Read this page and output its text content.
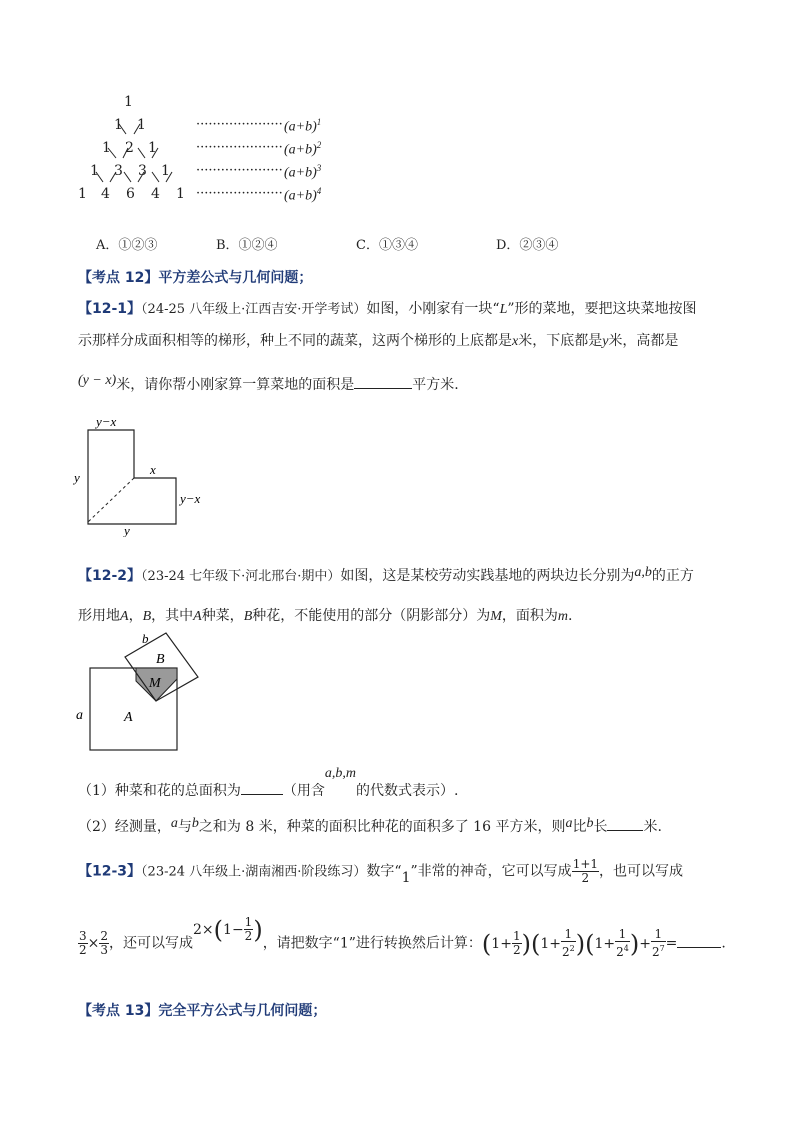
1
1 1
1 2 1
1 3 3 1
1 4 6 4 1
·····················
·····················
·····················
·····················
$(a+b)^1$
$(a+b)^2$
$(a+b)^3$
$(a+b)^4$
A．①②③	B．①②④	C．①③④	D．②③④
【考点 12】平方差公式与几何问题；
【12-1】（24-25 八年级上·江西吉安·开学考试）如图，小刚家有一块“L”形的菜地，要把这块菜地按图
示那样分成面积相等的梯形，种上不同的蔬菜，这两个梯形的上底都是x米，下底都是y米，高都是
(y − x)米，请你帮小刚家算一算菜地的面积是	平方米.
y−x
y
x
y−x
y
【12-2】（23-24 七年级下·河北邢台·期中）如图，这是某校劳动实践基地的两块边长分别为a,b的正方
形用地A，B，其中A种菜，B种花，不能使用的部分（阴影部分）为M，面积为m.
b
B
M
a	A
（1）种菜和花的总面积为	（用含a,b,m的代数式表示）.
（2）经测量，a与b之和为 8 米，种菜的面积比种花的面积多了 16 平方米，则a比b长	米.
【12-3】（23-24 八年级上·湖南湘西·阶段练习）数字“1”非常的神奇，它可以写成 $\frac{1+1}{2}$ ，也可以写成
$\frac{3}{2} \times \frac{2}{3}$ ，还可以写成$2\times(1- \frac{1}{2}$ )，请把数字“1”进行转换然后计算：$(1+ \frac{1}{2} )(1+ \frac{1}{2^2} )(1+ \frac{1}{2^4}$ )+ $\frac{1}{2^7}$ =	.
【考点 13】完全平方公式与几何问题；
